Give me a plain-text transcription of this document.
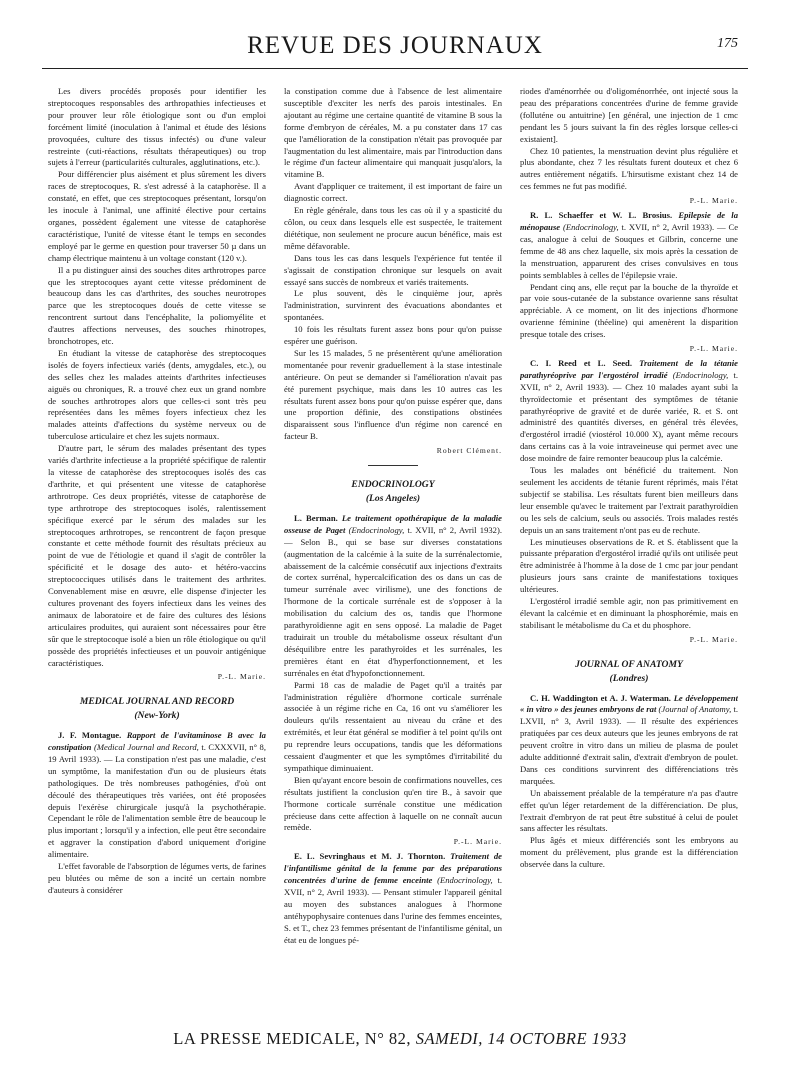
REVUE DES JOURNAUX	175

Les divers procédés proposés pour identifier les streptocoques responsables des arthropathies infectieuses et pour prouver leur rôle étiologique sont ou d'un emploi forcément limité (inoculation à l'animal et étude des lésions provoquées, culture des tissus infectés) ou d'une valeur restreinte (cuti-réactions, résultats thérapeutiques) ou trop sujets à l'erreur (particularités culturales, agglutinations, etc.).

Pour différencier plus aisément et plus sûrement les divers races de streptocoques, R. s'est adressé à la cataphorèse. Il a constaté, en effet, que ces streptocoques présentant, lorsqu'on les inocule à l'animal, une affinité élective pour certains organes, possèdent également une vitesse de cataphorèse caractéristique, l'unité de vitesse étant le temps en secondes employé par le germe en question pour traverser 50 µ dans un champ électrique maintenu à un voltage constant (120 v.).

Il a pu distinguer ainsi des souches dites arthrotropes parce que les streptocoques ayant cette vitesse prédominent de beaucoup dans les cas d'arthrites, des souches neurotropes parce que les streptocoques doués de cette vitesse se rencontrent surtout dans l'encéphalite, la poliomyélite et d'autres affections nerveuses, des souches rhinotropes, bronchotropes, etc.

En étudiant la vitesse de cataphorèse des streptocoques isolés de foyers infectieux variés (dents, amygdales, etc.), ou des selles chez les malades atteints d'arthrites infectieuses aiguës ou chroniques, R. a trouvé chez eux un grand nombre de souches arthrotropes alors que celles-ci sont très peu représentées dans les mêmes foyers infectieux chez les malades atteints d'affections du système nerveux ou de tuberculose articulaire et chez les sujets normaux.

D'autre part, le sérum des malades présentant des types variés d'arthrite infectieuse a la propriété spécifique de ralentir la vitesse de cataphorèse des streptocoques isolés des cas d'arthrite, et qui présentent une vitesse de cataphorèse arthrotrope. Ces deux propriétés, vitesse de cataphorèse de type arthrotrope des streptocoques isolés, ralentissement spécifique exercé par le sérum des malades sur les streptocoques arthrotropes, se rencontrent de façon presque constante et cette méthode fournit des résultats précieux au point de vue de l'étiologie et quand il s'agit de contrôler la spécificité et le dosage des auto- et hétéro-vaccins streptococciques utilisés dans le traitement des arthrites. Convenablement mise en œuvre, elle dispense d'injecter les cultures provenant des foyers infectieux dans les veines des animaux de laboratoire et de faire des cultures des lésions articulaires produites, qui auraient sont nécessaires pour être sûr que le streptocoque isolé a bien un rôle étiologique ou qu'il possède des propriétés infectieuses et un pouvoir antigénique caractéristiques.

P.-L. Marie.
MEDICAL JOURNAL AND RECORD
(New-York)

J. F. Montague. Rapport de l'avitaminose B avec la constipation (Medical Journal and Record, t. CXXXVII, n° 8, 19 Avril 1933). — La constipation n'est pas une maladie, c'est un symptôme, la manifestation d'un ou de plusieurs états pathologiques. De très nombreuses pathogénies, d'où ont découlé des thérapeutiques très variées, ont été proposées depuis l'exérèse chirurgicale jusqu'à la psychothérapie. Cependant le rôle de l'alimentation semble être de beaucoup le plus important ; lorsqu'il y a infection, elle peut être secondaire et aggraver la constipation d'abord uniquement d'origine alimentaire.

L'effet favorable de l'absorption de légumes verts, de farines peu blutées ou même de son a incité un certain nombre d'auteurs à considérer

la constipation comme due à l'absence de lest alimentaire susceptible d'exciter les nerfs des parois intestinales. En ajoutant au régime une certaine quantité de vitamine B sous la forme d'embryon de céréales, M. a pu constater dans 17 cas que l'amélioration de la constipation n'était pas provoquée par l'augmentation du lest alimentaire, mais par l'introduction dans le régime d'un facteur alimentaire qui manquait jusqu'alors, la vitamine B.

Avant d'appliquer ce traitement, il est important de faire un diagnostic correct.

En règle générale, dans tous les cas où il y a spasticité du côlon, ou ceux dans lesquels elle est suspectée, le traitement diététique, non seulement ne procure aucun bénéfice, mais est même défavorable.

Dans tous les cas dans lesquels l'expérience fut tentée il s'agissait de constipation chronique sur lesquels on avait essayé sans succès de nombreux et variés traitements.

Le plus souvent, dès le cinquième jour, après l'administration, survinrent des évacuations abondantes et spontanées.

10 fois les résultats furent assez bons pour qu'on puisse espérer une guérison.

Sur les 15 malades, 5 ne présentèrent qu'une amélioration momentanée pour revenir graduellement à la stase intestinale antérieure. On peut se demander si l'amélioration n'avait pas été purement psychique, mais dans les 10 autres cas les résultats furent assez bons pour qu'on puisse espérer que, dans une proportion définie, des constipations obstinées disparaissent sous l'influence d'un régime non carencé en facteur B.

Robert Clément.
ENDOCRINOLOGY
(Los Angeles)

L. Berman. Le traitement opothérapique de la maladie osseuse de Paget (Endocrinology, t. XVII, n° 2, Avril 1932). — Selon B., qui se base sur diverses constatations (augmentation de la calcémie à la suite de la surrénalectomie, abaissement de la calcémie consécutif aux injections d'extraits de cortex surrénal, hypercalcification des os dans un cas de tumeur surrénale avec virilisme), une des fonctions de l'hormone de la corticale surrénale est de s'opposer à la mobilisation du calcium des os, tandis que l'hormone parathyroïdienne agit en sens opposé. La maladie de Paget traduirait un trouble du métabolisme osseux résultant d'un déséquilibre entre les parathyroïdes et les surrénales, les premières étant en état d'hyperfonctionnement, et les surrénales en état d'hypofonctionnement.

Parmi 18 cas de maladie de Paget qu'il a traités par l'administration régulière d'hormone corticale surrénale associée à un régime riche en Ca, 16 ont vu s'améliorer les douleurs qu'ils ressentaient au niveau du crâne et des extrémités, et leur état général se modifier à tel point qu'ils ont pu reprendre leurs occupations, tandis que les déformations cessaient d'augmenter et que les symptômes d'irritabilité du sympathique diminuaient.

Bien qu'ayant encore besoin de confirmations nouvelles, ces résultats justifient la conclusion qu'en tire B., à savoir que l'hormone corticale surrénale constitue une médication précieuse dans cette affection à laquelle on ne connaît aucun remède.

P.-L. Marie.

E. L. Sevringhaus et M. J. Thornton. Traitement de l'infantilisme génital de la femme par des préparations concentrées d'urine de femme enceinte (Endocrinology, t. XVII, n° 2, Avril 1933). — Pensant stimuler l'appareil génital au moyen des substances analogues à l'hormone antéhypophysaire contenues dans l'urine des femmes enceintes, S. et T., chez 23 femmes présentant de l'infantilisme génital, un état eu de longues pé-

riodes d'aménorrhée ou d'oligoménorrhée, ont injecté sous la peau des préparations concentrées d'urine de femme gravide (folluténe ou antuitrine) [en général, une injection de 1 cmc pendant les 5 jours suivant la fin des règles lorsque celles-ci existaient].

Chez 10 patientes, la menstruation devint plus régulière et plus abondante, chez 7 les résultats furent douteux et chez 6 autres entièrement négatifs. L'hirsutisme existant chez 14 de ces femmes ne fut pas modifié.

P.-L. Marie.

R. L. Schaeffer et W. L. Brosius. Epilepsie de la ménopause (Endocrinology, t. XVII, n° 2, Avril 1933). — Ce cas, analogue à celui de Souques et Gilbrin, concerne une femme de 48 ans chez laquelle, six mois après la cessation de la menstruation, apparurent des crises convulsives en tous points semblables à celles de l'épilepsie vraie.

Pendant cinq ans, elle reçut par la bouche de la thyroïde et par voie sous-cutanée de la substance ovarienne sans résultat appréciable. A ce moment, on lit des injections d'hormone ovarienne féminine (théeline) qui amenèrent la disparition presque totale des crises.

P.-L. Marie.

C. I. Reed et L. Seed. Traitement de la tétanie parathyréoprive par l'ergostérol irradié (Endocrinology, t. XVII, n° 2, Avril 1933). — Chez 10 malades ayant subi la thyroïdectomie et présentant des symptômes de tétanie parathyréoprive de gravité et de durée variée, R. et S. ont administré des quantités diverses, en général très élevées, d'ergostérol irradié (viostérol 10.000 X), ayant même recours dans certains cas à la voie intraveineuse qui permet avec une dose moindre de faire remonter beaucoup plus la calcémie.

Tous les malades ont bénéficié du traitement. Non seulement les accidents de tétanie furent réprimés, mais l'état subjectif se stabilisa. Les résultats furent bien meilleurs dans leur ensemble qu'avec le traitement par l'extrait parathyroïdien ou les sels de calcium, seuls ou associés. Trois malades restés depuis un an sans traitement n'ont pas eu de rechute.

Les minutieuses observations de R. et S. établissent que la puissante préparation d'ergostérol irradié qu'ils ont utilisée peut être administrée à l'homme à la dose de 1 cmc par jour pendant plusieurs jours sans crainte de manifestations toxiques ultérieures.

L'ergostérol irradié semble agir, non pas primitivement en élevant la calcémie et en diminuant la phosphorémie, mais en stabilisant le métabolisme du Ca et du phosphore.

P.-L. Marie.
JOURNAL OF ANATOMY
(Londres)

C. H. Waddington et A. J. Waterman. Le développement « in vitro » des jeunes embryons de rat (Journal of Anatomy, t. LXVII, n° 3, Avril 1933). — Il résulte des expériences pratiquées par ces deux auteurs que les jeunes embryons de rat peuvent croître in vitro dans un milieu de plasma de poulet adulte additionné d'extrait salin, d'extrait d'embryon de poulet. Dans ces conditions survinrent des différenciations très marquées.

Un abaissement préalable de la température n'a pas d'autre effet qu'un léger retardement de la différenciation. De plus, l'extrait d'embryon de rat peut être substitué à celui de poulet sans affecter les résultats.

Plus âgés et mieux différenciés sont les embryons au moment du prélèvement, plus grande est la différenciation observée dans la culture.

LA PRESSE MEDICALE, N° 82, SAMEDI, 14 OCTOBRE 1933
